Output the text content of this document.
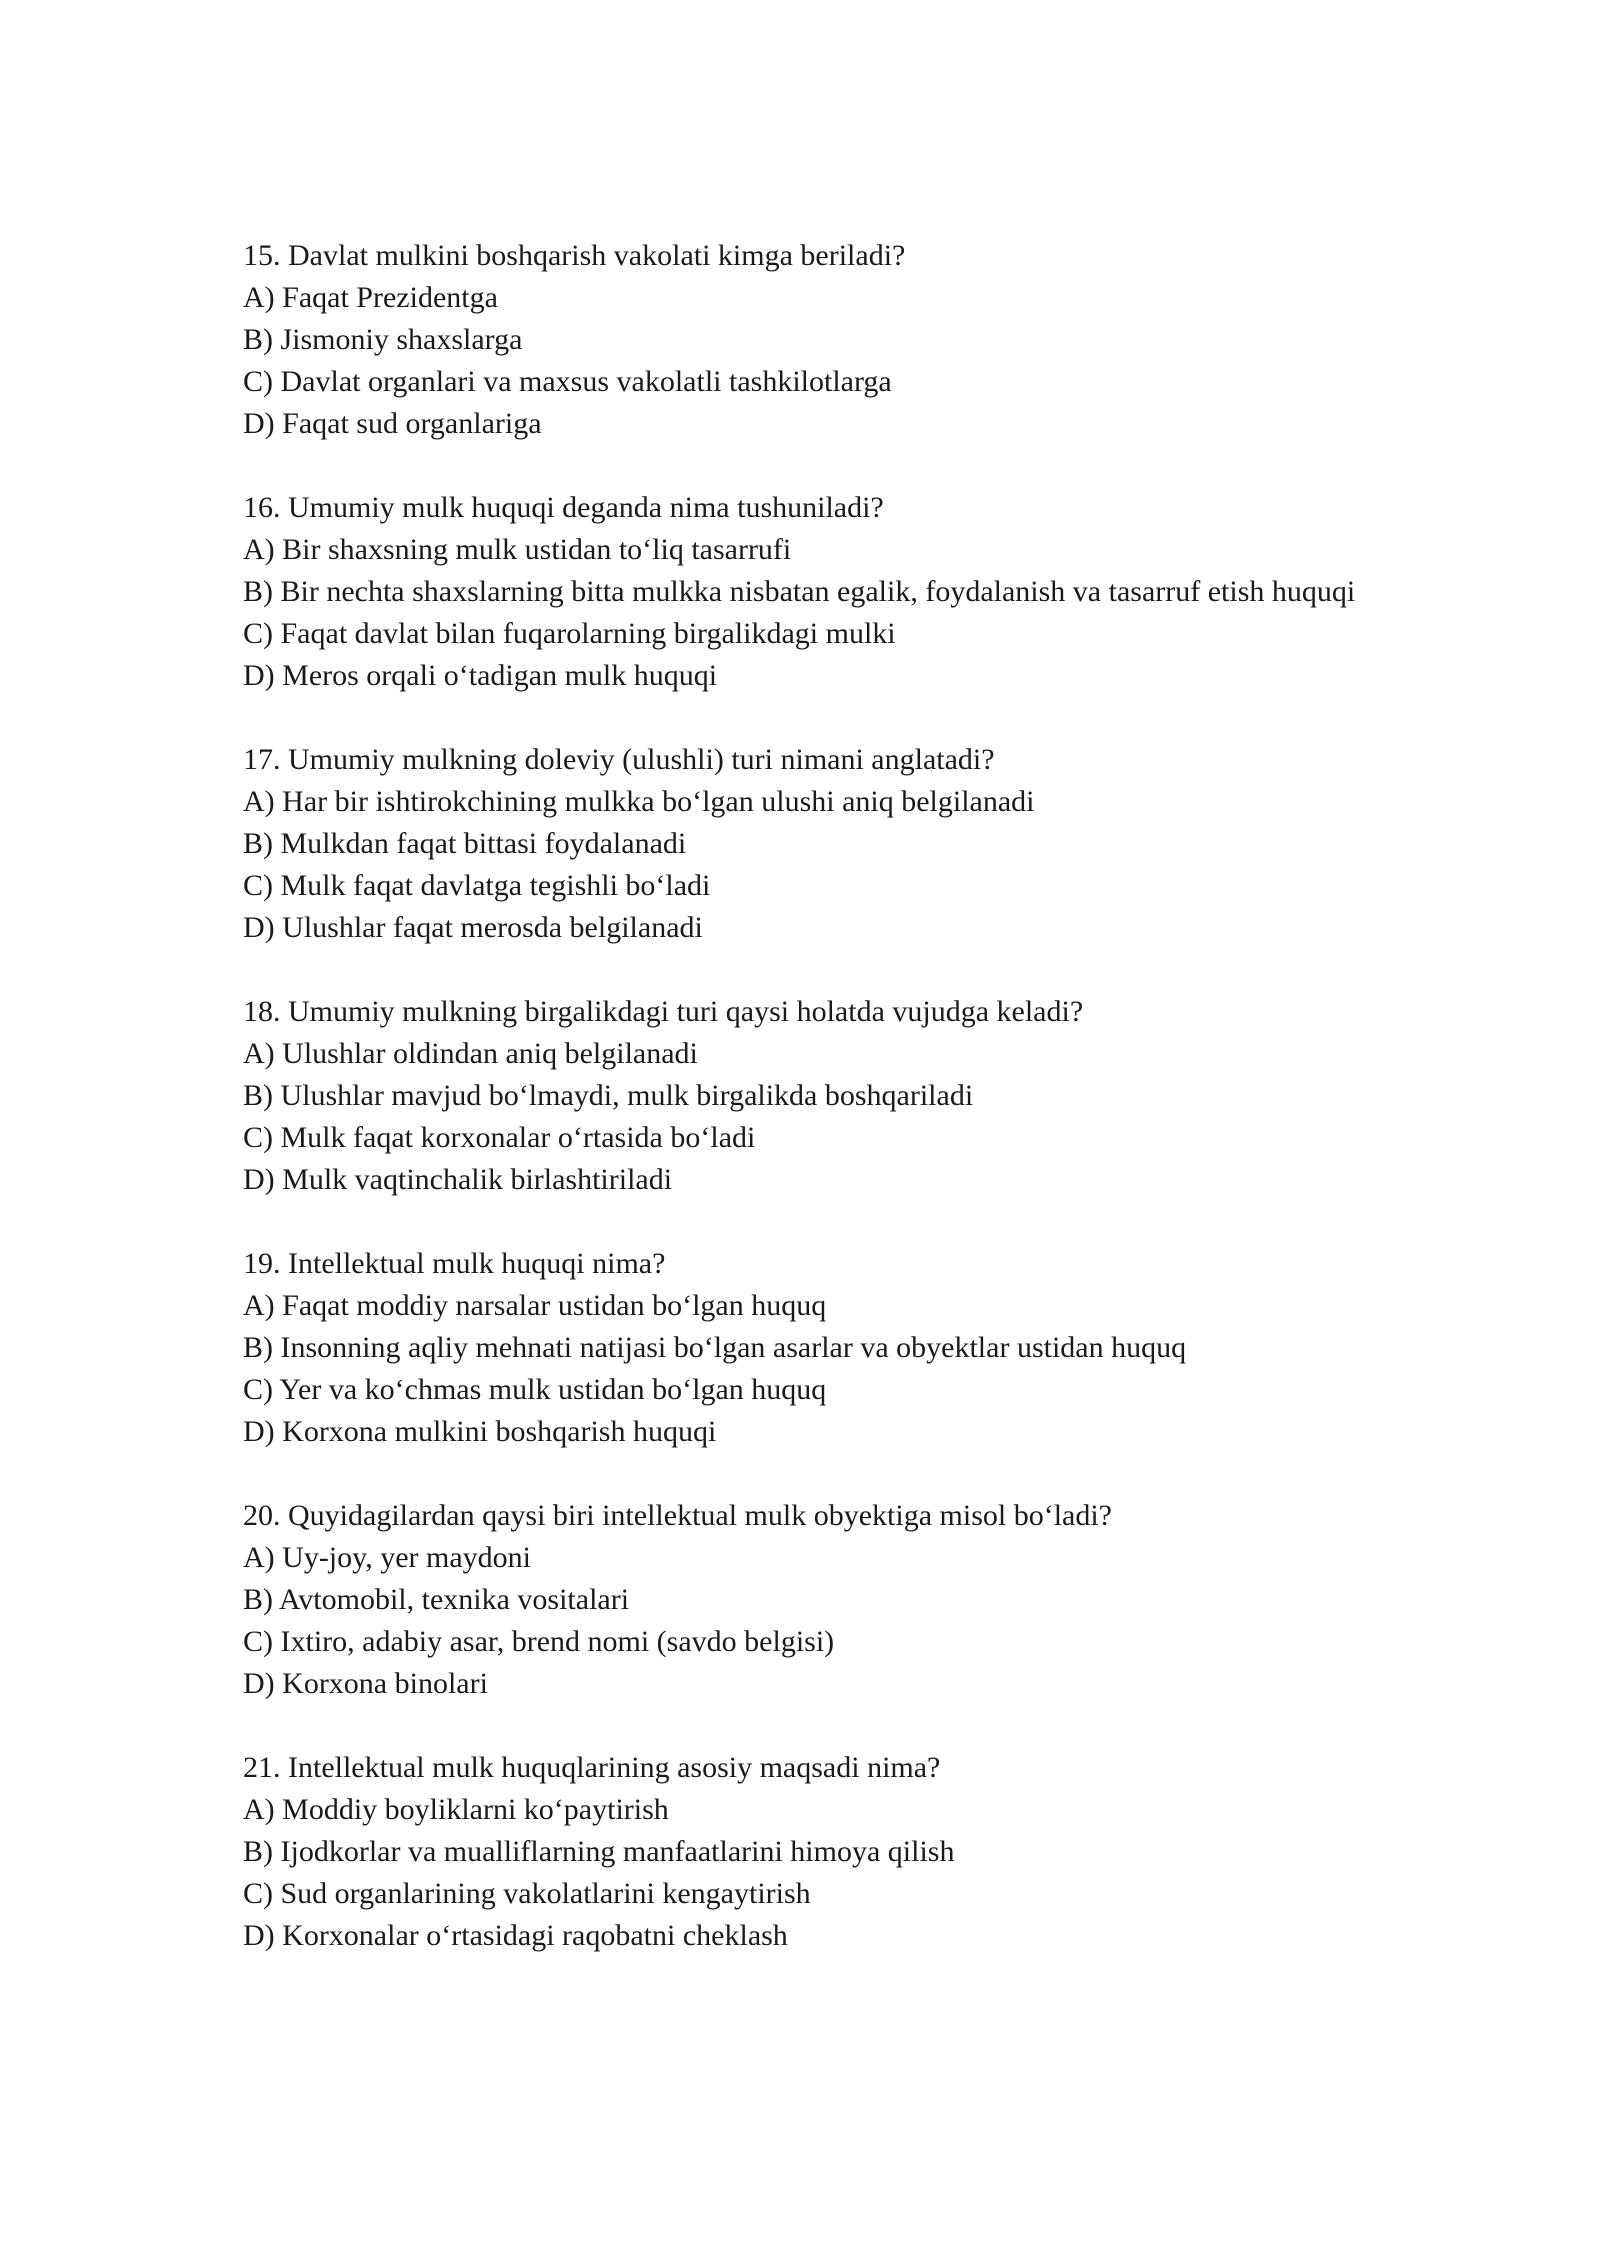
15. Davlat mulkini boshqarish vakolati kimga beriladi?
A) Faqat Prezidentga
B) Jismoniy shaxslarga
C) Davlat organlari va maxsus vakolatli tashkilotlarga
D) Faqat sud organlariga
16. Umumiy mulk huquqi deganda nima tushuniladi?
A) Bir shaxsning mulk ustidan to‘liq tasarrufi
B) Bir nechta shaxslarning bitta mulkka nisbatan egalik, foydalanish va tasarruf etish huquqi
C) Faqat davlat bilan fuqarolarning birgalikdagi mulki
D) Meros orqali o‘tadigan mulk huquqi
17. Umumiy mulkning doleviy (ulushli) turi nimani anglatadi?
A) Har bir ishtirokchining mulkka bo‘lgan ulushi aniq belgilanadi
B) Mulkdan faqat bittasi foydalanadi
C) Mulk faqat davlatga tegishli bo‘ladi
D) Ulushlar faqat merosda belgilanadi
18. Umumiy mulkning birgalikdagi turi qaysi holatda vujudga keladi?
A) Ulushlar oldindan aniq belgilanadi
B) Ulushlar mavjud bo‘lmaydi, mulk birgalikda boshqariladi
C) Mulk faqat korxonalar o‘rtasida bo‘ladi
D) Mulk vaqtinchalik birlashtiriladi
19. Intellektual mulk huquqi nima?
A) Faqat moddiy narsalar ustidan bo‘lgan huquq
B) Insonning aqliy mehnati natijasi bo‘lgan asarlar va obyektlar ustidan huquq
C) Yer va ko‘chmas mulk ustidan bo‘lgan huquq
D) Korxona mulkini boshqarish huquqi
20. Quyidagilardan qaysi biri intellektual mulk obyektiga misol bo‘ladi?
A) Uy-joy, yer maydoni
B) Avtomobil, texnika vositalari
C) Ixtiro, adabiy asar, brend nomi (savdo belgisi)
D) Korxona binolari
21. Intellektual mulk huquqlarining asosiy maqsadi nima?
A) Moddiy boyliklarni ko‘paytirish
B) Ijodkorlar va mualliflarning manfaatlarini himoya qilish
C) Sud organlarining vakolatlarini kengaytirish
D) Korxonalar o‘rtasidagi raqobatni cheklash
